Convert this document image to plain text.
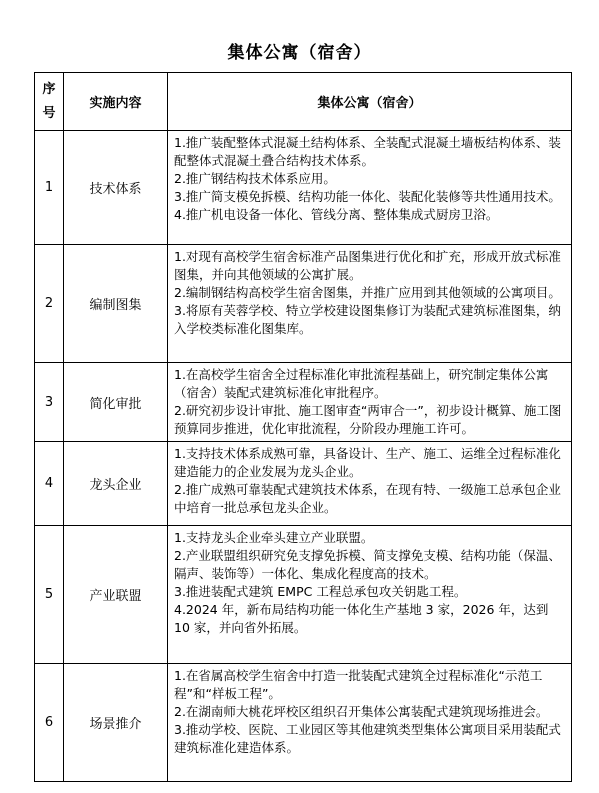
集体公寓（宿舍）
序
号	实施内容	集体公寓（宿舍）
1	技术体系	1.推广装配整体式混凝土结构体系、全装配式混凝土墙板结构体系、装配整体式混凝土叠合结构技术体系。

2.推广钢结构技术体系应用。

3.推广简支模免拆模、结构功能一体化、装配化装修等共性通用技术。

4.推广机电设备一体化、管线分离、整体集成式厨房卫浴。

2	编制图集	1.对现有高校学生宿舍标准产品图集进行优化和扩充，形成开放式标准图集，并向其他领域的公寓扩展。

2.编制钢结构高校学生宿舍图集，并推广应用到其他领域的公寓项目。

3.将原有芙蓉学校、特立学校建设图集修订为装配式建筑标准图集，纳入学校类标准化图集库。

3	简化审批	1.在高校学生宿舍全过程标准化审批流程基础上，研究制定集体公寓（宿舍）装配式建筑标准化审批程序。

2.研究初步设计审批、施工图审查“两审合一”，初步设计概算、施工图预算同步推进，优化审批流程，分阶段办理施工许可。

4	龙头企业	1.支持技术体系成熟可靠，具备设计、生产、施工、运维全过程标准化建造能力的企业发展为龙头企业。

2.推广成熟可靠装配式建筑技术体系，在现有特、一级施工总承包企业中培育一批总承包龙头企业。

5	产业联盟	1.支持龙头企业牵头建立产业联盟。

2.产业联盟组织研究免支撑免拆模、简支撑免支模、结构功能（保温、隔声、装饰等）一体化、集成化程度高的技术。

3.推进装配式建筑 EMPC 工程总承包攻关钥匙工程。

4.2024 年，新布局结构功能一体化生产基地 3 家，2026 年，达到 10 家，并向省外拓展。

6	场景推介	1.在省属高校学生宿舍中打造一批装配式建筑全过程标准化“示范工程”和“样板工程”。

2.在湖南师大桃花坪校区组织召开集体公寓装配式建筑现场推进会。

3.推动学校、医院、工业园区等其他建筑类型集体公寓项目采用装配式建筑标准化建造体系。
